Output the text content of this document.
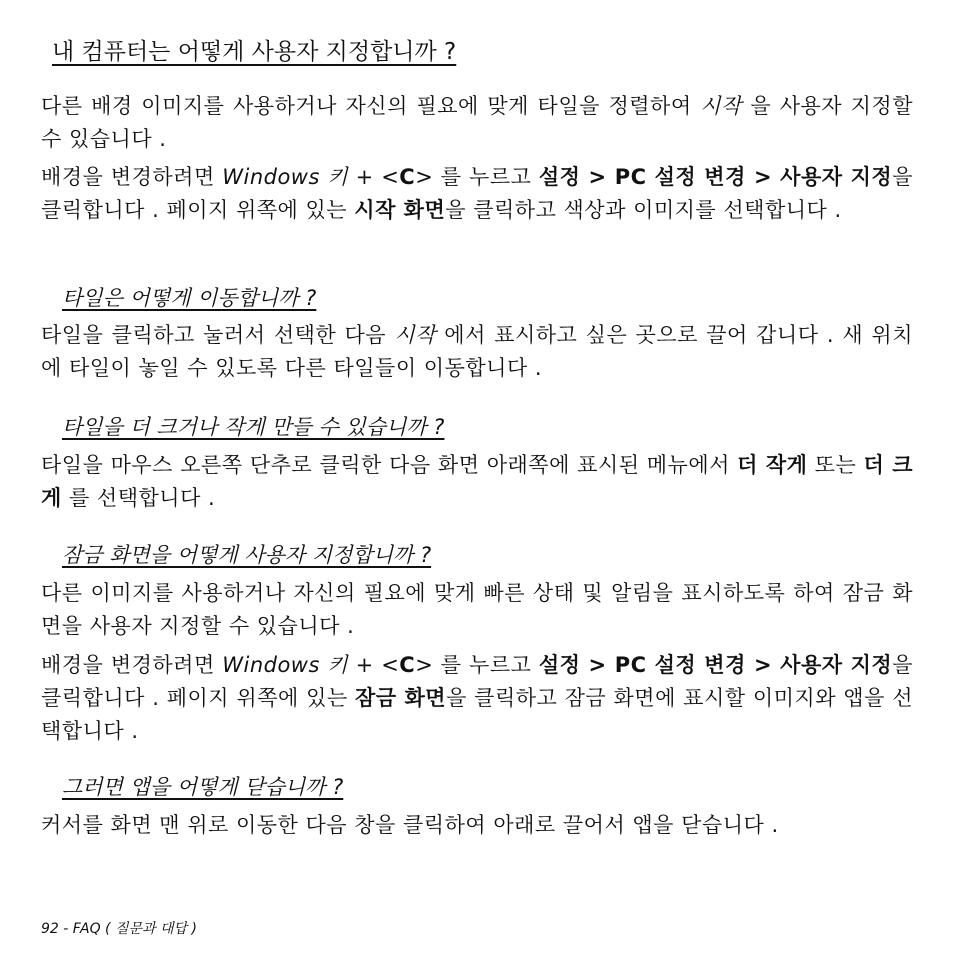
내 컴퓨터는 어떻게 사용자 지정합니까 ?
다른 배경 이미지를 사용하거나 자신의 필요에 맞게 타일을 정렬하여 시작 을 사용자 지정할 수 있습니다 .
배경을 변경하려면 Windows 키 + <C> 를 누르고 설정 > PC 설정 변경 > 사용자 지정을 클릭합니다 . 페이지 위쪽에 있는 시작 화면을 클릭하고 색상과 이미지를 선택합니다 .
타일은 어떻게 이동합니까 ?
타일을 클릭하고 눌러서 선택한 다음 시작 에서 표시하고 싶은 곳으로 끌어 갑니다 . 새 위치에 타일이 놓일 수 있도록 다른 타일들이 이동합니다 .
타일을 더 크거나 작게 만들 수 있습니까 ?
타일을 마우스 오른쪽 단추로 클릭한 다음 화면 아래쪽에 표시된 메뉴에서 더 작게 또는 더 크게 를 선택합니다 .
잠금 화면을 어떻게 사용자 지정합니까 ?
다른 이미지를 사용하거나 자신의 필요에 맞게 빠른 상태 및 알림을 표시하도록 하여 잠금 화면을 사용자 지정할 수 있습니다 .
배경을 변경하려면 Windows 키 + <C> 를 누르고 설정 > PC 설정 변경 > 사용자 지정을 클릭합니다 . 페이지 위쪽에 있는 잠금 화면을 클릭하고 잠금 화면에 표시할 이미지와 앱을 선택합니다 .
그러면 앱을 어떻게 닫습니까 ?
커서를 화면 맨 위로 이동한 다음 창을 클릭하여 아래로 끌어서 앱을 닫습니다 .
92 - FAQ ( 질문과 대답 )
